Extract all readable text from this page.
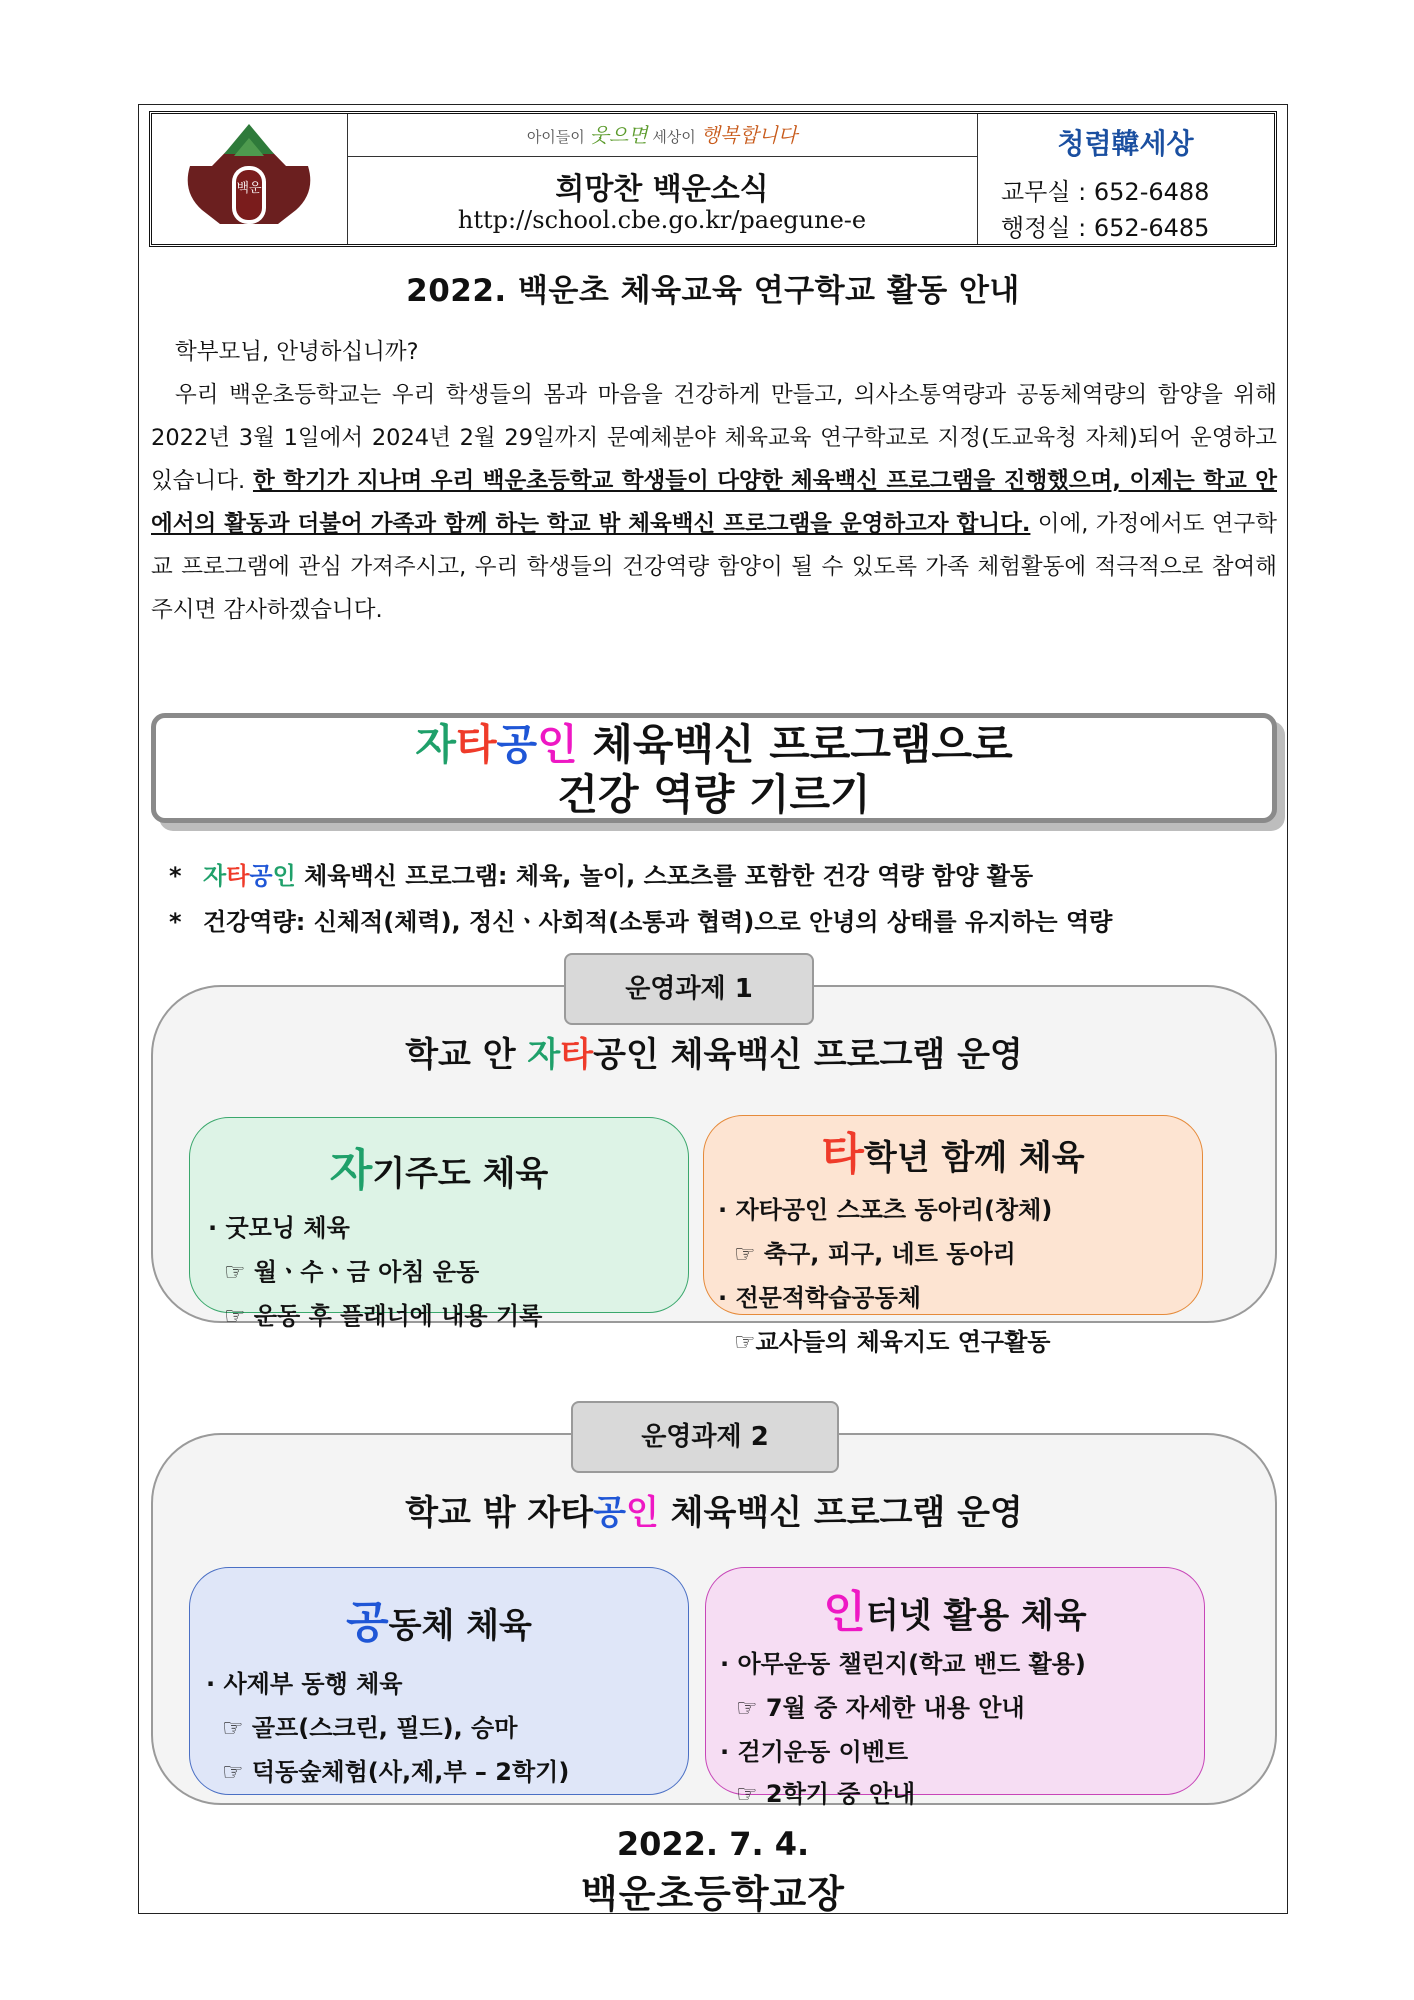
백운
아이들이 웃으면 세상이 행복합니다
희망찬 백운소식
http://school.cbe.go.kr/paegune-e
청렴韓세상
교무실 : 652-6488
행정실 : 652-6485
2022. 백운초 체육교육 연구학교 활동 안내

학부모님, 안녕하십니까?

우리 백운초등학교는 우리 학생들의 몸과 마음을 건강하게 만들고, 의사소통역량과 공동체역량의 함양을 위해 2022년 3월 1일에서 2024년 2월 29일까지 문예체분야 체육교육 연구학교로 지정(도교육청 자체)되어 운영하고 있습니다. 한 학기가 지나며 우리 백운초등학교 학생들이 다양한 체육백신 프로그램을 진행했으며, 이제는 학교 안에서의 활동과 더불어 가족과 함께 하는 학교 밖 체육백신 프로그램을 운영하고자 합니다. 이에, 가정에서도 연구학교 프로그램에 관심 가져주시고, 우리 학생들의 건강역량 함양이 될 수 있도록 가족 체험활동에 적극적으로 참여해 주시면 감사하겠습니다.

자타공인 체육백신 프로그램으로
건강 역량 기르기
* 자타공인 체육백신 프로그램: 체육, 놀이, 스포츠를 포함한 건강 역량 함양 활동
* 건강역량: 신체적(체력), 정신ㆍ사회적(소통과 협력)으로 안녕의 상태를 유지하는 역량
운영과제 1
학교 안 자타공인 체육백신 프로그램 운영
자기주도 체육
· 굿모닝 체육
☞ 월ㆍ수ㆍ금 아침 운동
☞ 운동 후 플래너에 내용 기록
타학년 함께 체육
· 자타공인 스포츠 동아리(창체)
☞ 축구, 피구, 네트 동아리
· 전문적학습공동체
☞교사들의 체육지도 연구활동
운영과제 2
학교 밖 자타공인 체육백신 프로그램 운영
공동체 체육
· 사제부 동행 체육
☞ 골프(스크린, 필드), 승마
☞ 덕동숲체험(사,제,부 – 2학기)
인터넷 활용 체육
· 아무운동 챌린지(학교 밴드 활용)
☞ 7월 중 자세한 내용 안내
· 걷기운동 이벤트
☞ 2학기 중 안내
2022. 7. 4.
백운초등학교장
